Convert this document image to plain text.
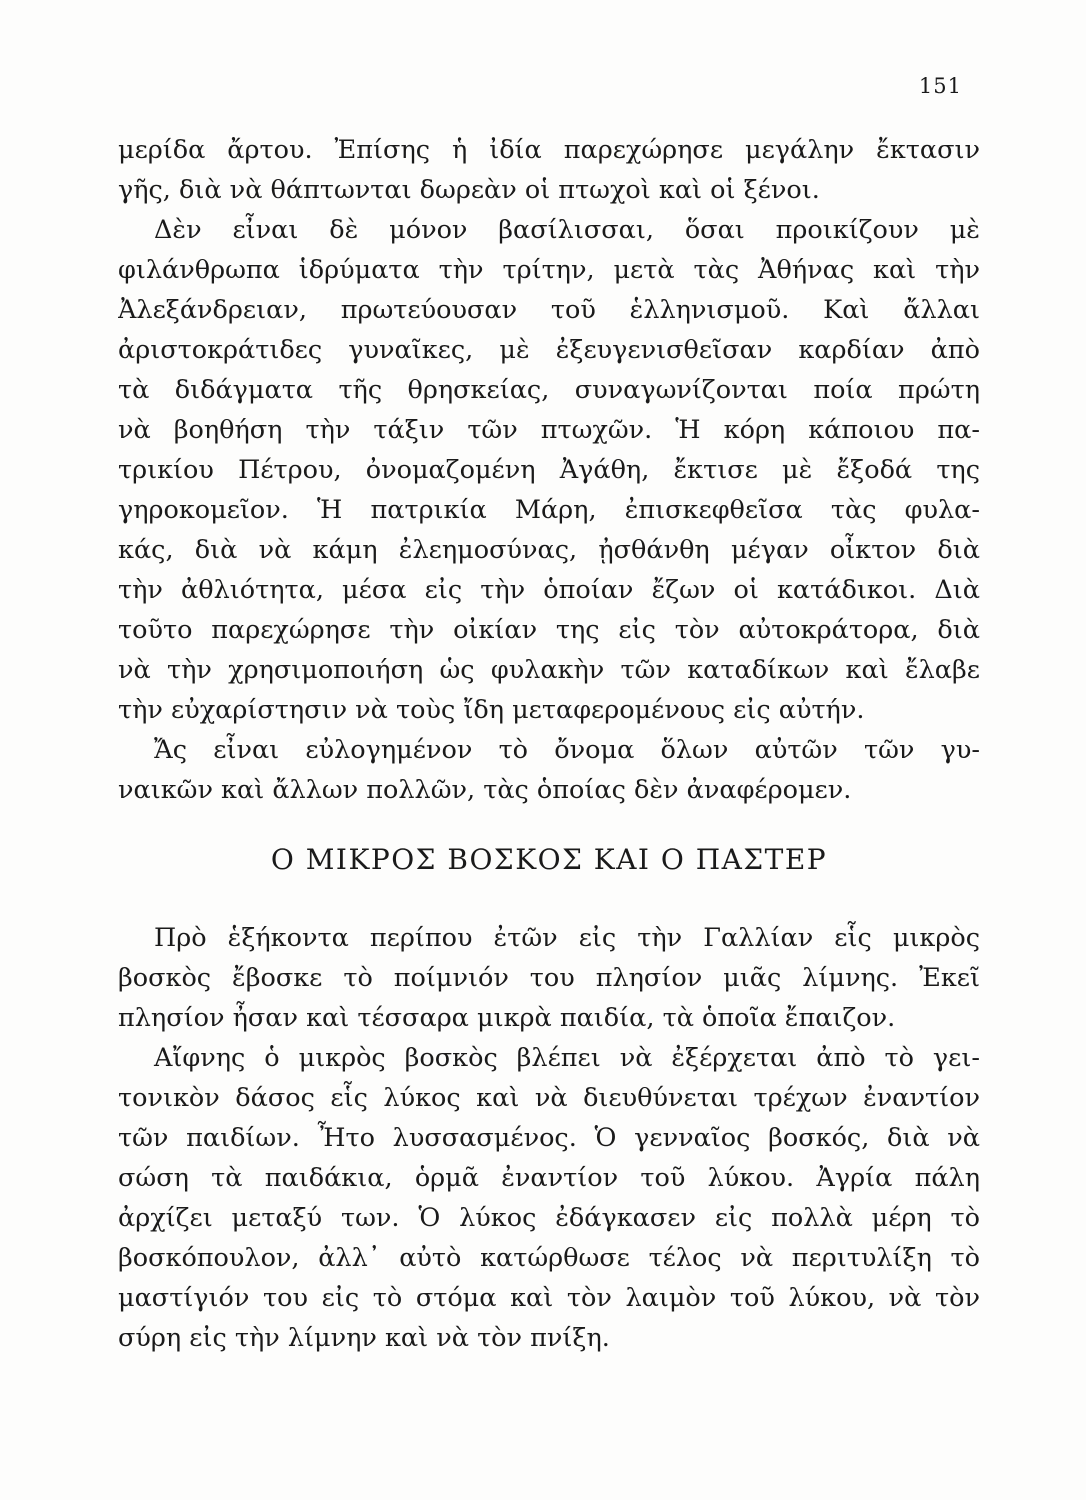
151
μερίδα ἄρτου. Ἐπίσης ἡ ἰδία παρεχώρησε μεγάλην ἔκτασιν
γῆς, διὰ νὰ θάπτωνται δωρεὰν οἱ πτωχοὶ καὶ οἱ ξένοι.
Δὲν εἶναι δὲ μόνον βασίλισσαι, ὅσαι προικίζουν μὲ
φιλάνθρωπα ἱδρύματα τὴν τρίτην, μετὰ τὰς Ἀθήνας καὶ τὴν
Ἀλεξάνδρειαν, πρωτεύουσαν τοῦ ἑλληνισμοῦ. Καὶ ἄλλαι
ἀριστοκράτιδες γυναῖκες, μὲ ἐξευγενισθεῖσαν καρδίαν ἀπὸ
τὰ διδάγματα τῆς θρησκείας, συναγωνίζονται ποία πρώτη
νὰ βοηθήση τὴν τάξιν τῶν πτωχῶν. Ἡ κόρη κάποιου πα-
τρικίου Πέτρου, ὀνομαζομένη Ἀγάθη, ἔκτισε μὲ ἔξοδά της
γηροκομεῖον. Ἡ πατρικία Μάρη, ἐπισκεφθεῖσα τὰς φυλα-
κάς, διὰ νὰ κάμη ἐλεημοσύνας, ᾐσθάνθη μέγαν οἶκτον διὰ
τὴν ἀθλιότητα, μέσα εἰς τὴν ὁποίαν ἔζων οἱ κατάδικοι. Διὰ
τοῦτο παρεχώρησε τὴν οἰκίαν της εἰς τὸν αὐτοκράτορα, διὰ
νὰ τὴν χρησιμοποιήση ὡς φυλακὴν τῶν καταδίκων καὶ ἔλαβε
τὴν εὐχαρίστησιν νὰ τοὺς ἴδη μεταφερομένους εἰς αὐτήν.
Ἄς εἶναι εὐλογημένον τὸ ὄνομα ὅλων αὐτῶν τῶν γυ-
ναικῶν καὶ ἄλλων πολλῶν, τὰς ὁποίας δὲν ἀναφέρομεν.
Ο ΜΙΚΡΟΣ ΒΟΣΚΟΣ ΚΑΙ Ο ΠΑΣΤΕΡ
Πρὸ ἑξήκοντα περίπου ἐτῶν εἰς τὴν Γαλλίαν εἷς μικρὸς
βοσκὸς ἔβοσκε τὸ ποίμνιόν του πλησίον μιᾶς λίμνης. Ἐκεῖ
πλησίον ἦσαν καὶ τέσσαρα μικρὰ παιδία, τὰ ὁποῖα ἔπαιζον.
Αἴφνης ὁ μικρὸς βοσκὸς βλέπει νὰ ἐξέρχεται ἀπὸ τὸ γει-
τονικὸν δάσος εἷς λύκος καὶ νὰ διευθύνεται τρέχων ἐναντίον
τῶν παιδίων. Ἦτο λυσσασμένος. Ὁ γενναῖος βοσκός, διὰ νὰ
σώση τὰ παιδάκια, ὁρμᾶ ἐναντίον τοῦ λύκου. Ἀγρία πάλη
ἀρχίζει μεταξύ των. Ὁ λύκος ἐδάγκασεν εἰς πολλὰ μέρη τὸ
βοσκόπουλον, ἀλλ᾽ αὐτὸ κατώρθωσε τέλος νὰ περιτυλίξη τὸ
μαστίγιόν του εἰς τὸ στόμα καὶ τὸν λαιμὸν τοῦ λύκου, νὰ τὸν
σύρη εἰς τὴν λίμνην καὶ νὰ τὸν πνίξη.
